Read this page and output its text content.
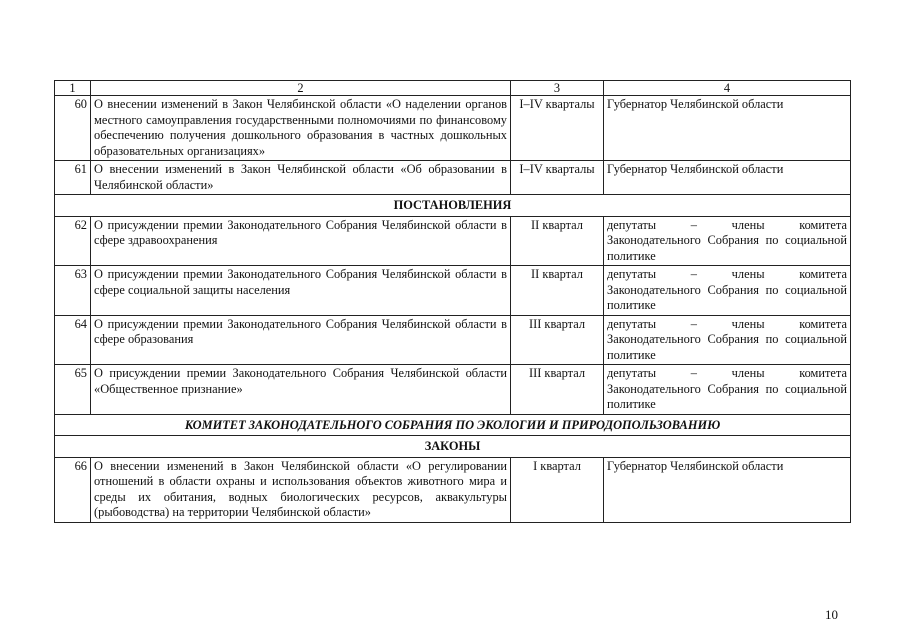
1	2	3	4
60	О внесении изменений в Закон Челябинской области «О наделении органов местного самоуправления государственными полномочиями по финансовому обеспечению получения дошкольного образования в частных дошкольных образовательных организациях»	I–IV кварталы	Губернатор Челябинской области
61	О внесении изменений в Закон Челябинской области «Об образовании в Челябинской области»	I–IV кварталы	Губернатор Челябинской области
ПОСТАНОВЛЕНИЯ			
62	О присуждении премии Законодательного Собрания Челябинской области в сфере здравоохранения	II квартал	депутаты – члены комитета Законодательного Собрания по социальной политике
63	О присуждении премии Законодательного Собрания Челябинской области в сфере социальной защиты населения	II квартал	депутаты – члены комитета Законодательного Собрания по социальной политике
64	О присуждении премии Законодательного Собрания Челябинской области в сфере образования	III квартал	депутаты – члены комитета Законодательного Собрания по социальной политике
65	О присуждении премии Законодательного Собрания Челябинской области «Общественное признание»	III квартал	депутаты – члены комитета Законодательного Собрания по социальной политике
КОМИТЕТ ЗАКОНОДАТЕЛЬНОГО СОБРАНИЯ ПО ЭКОЛОГИИ И ПРИРОДОПОЛЬЗОВАНИЮ			
ЗАКОНЫ			
66	О внесении изменений в Закон Челябинской области «О регулировании отношений в области охраны и использования объектов животного мира и среды их обитания, водных биологических ресурсов, аквакультуры (рыбоводства) на территории Челябинской области»	I квартал	Губернатор Челябинской области
10
